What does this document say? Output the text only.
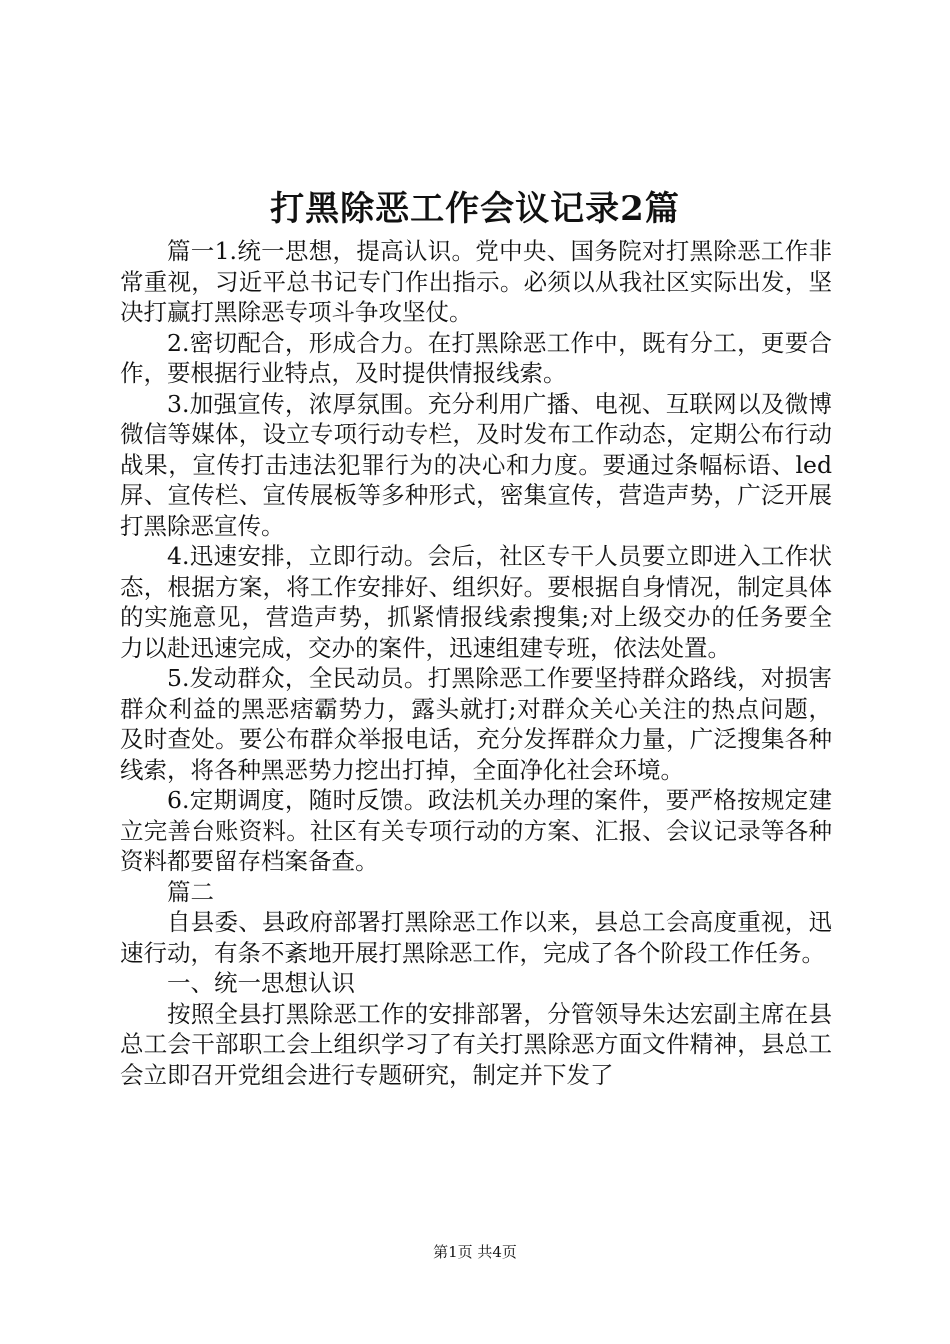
打黑除恶工作会议记录2篇

篇一1.统一思想，提高认识。党中央、国务院对打黑除恶工作非常重视，习近平总书记专门作出指示。必须以从我社区实际出发，坚决打赢打黑除恶专项斗争攻坚仗。

2.密切配合，形成合力。在打黑除恶工作中，既有分工，更要合作，要根据行业特点，及时提供情报线索。

3.加强宣传，浓厚氛围。充分利用广播、电视、互联网以及微博微信等媒体，设立专项行动专栏，及时发布工作动态，定期公布行动战果，宣传打击违法犯罪行为的决心和力度。要通过条幅标语、led屏、宣传栏、宣传展板等多种形式，密集宣传，营造声势，广泛开展打黑除恶宣传。

4.迅速安排，立即行动。会后，社区专干人员要立即进入工作状态，根据方案，将工作安排好、组织好。要根据自身情况，制定具体的实施意见，营造声势，抓紧情报线索搜集;对上级交办的任务要全力以赴迅速完成，交办的案件，迅速组建专班，依法处置。

5.发动群众，全民动员。打黑除恶工作要坚持群众路线，对损害群众利益的黑恶痞霸势力，露头就打;对群众关心关注的热点问题，及时查处。要公布群众举报电话，充分发挥群众力量，广泛搜集各种线索，将各种黑恶势力挖出打掉，全面净化社会环境。

6.定期调度，随时反馈。政法机关办理的案件，要严格按规定建立完善台账资料。社区有关专项行动的方案、汇报、会议记录等各种资料都要留存档案备查。

篇二

自县委、县政府部署打黑除恶工作以来，县总工会高度重视，迅速行动，有条不紊地开展打黑除恶工作，完成了各个阶段工作任务。

一、统一思想认识

按照全县打黑除恶工作的安排部署，分管领导朱达宏副主席在县总工会干部职工会上组织学习了有关打黑除恶方面文件精神，县总工会立即召开党组会进行专题研究，制定并下发了

第1页 共4页
